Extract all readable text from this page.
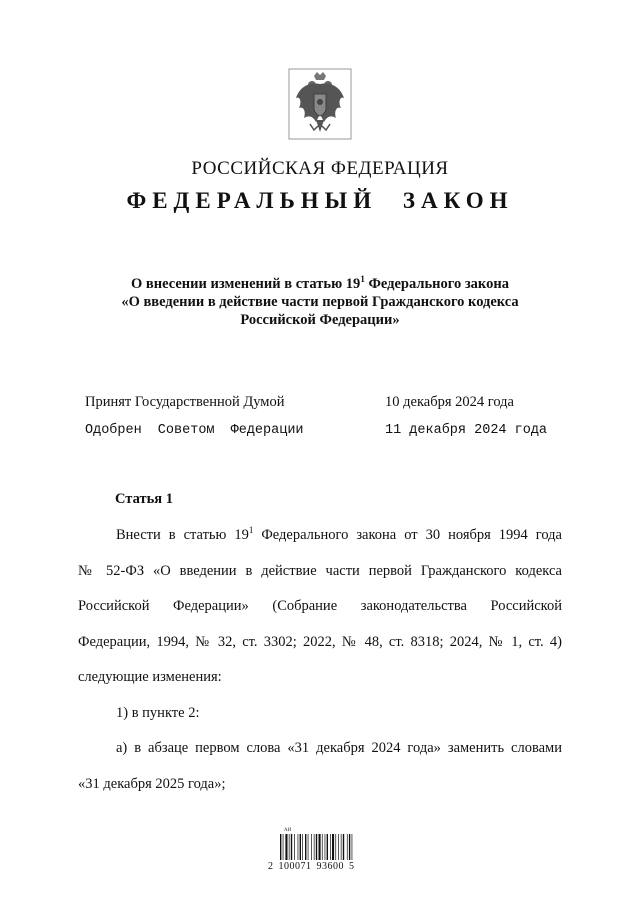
РОССИЙСКАЯ ФЕДЕРАЦИЯ
ФЕДЕРАЛЬНЫЙ ЗАКОН
О внесении изменений в статью 19$^1$ Федерального закона
«О введении в действие части первой Гражданского кодекса
Российской Федерации»
Принят Государственной Думой	10 декабря 2024 года
Одобрен Советом Федерации	11 декабря 2024 года
Статья 1
Внести в статью 19$^1$ Федерального закона от 30 ноября 1994 года
№ 52-ФЗ «О введении в действие части первой Гражданского кодекса
Российской Федерации» (Собрание законодательства Российской
Федерации, 1994, № 32, ст. 3302; 2022, № 48, ст. 8318; 2024, № 1, ст. 4)
следующие изменения:
1) в пункте 2:
а) в абзаце первом слова «31 декабря 2024 года» заменить словами
«31 декабря 2025 года»;
АИ
2 100071 93600 5
